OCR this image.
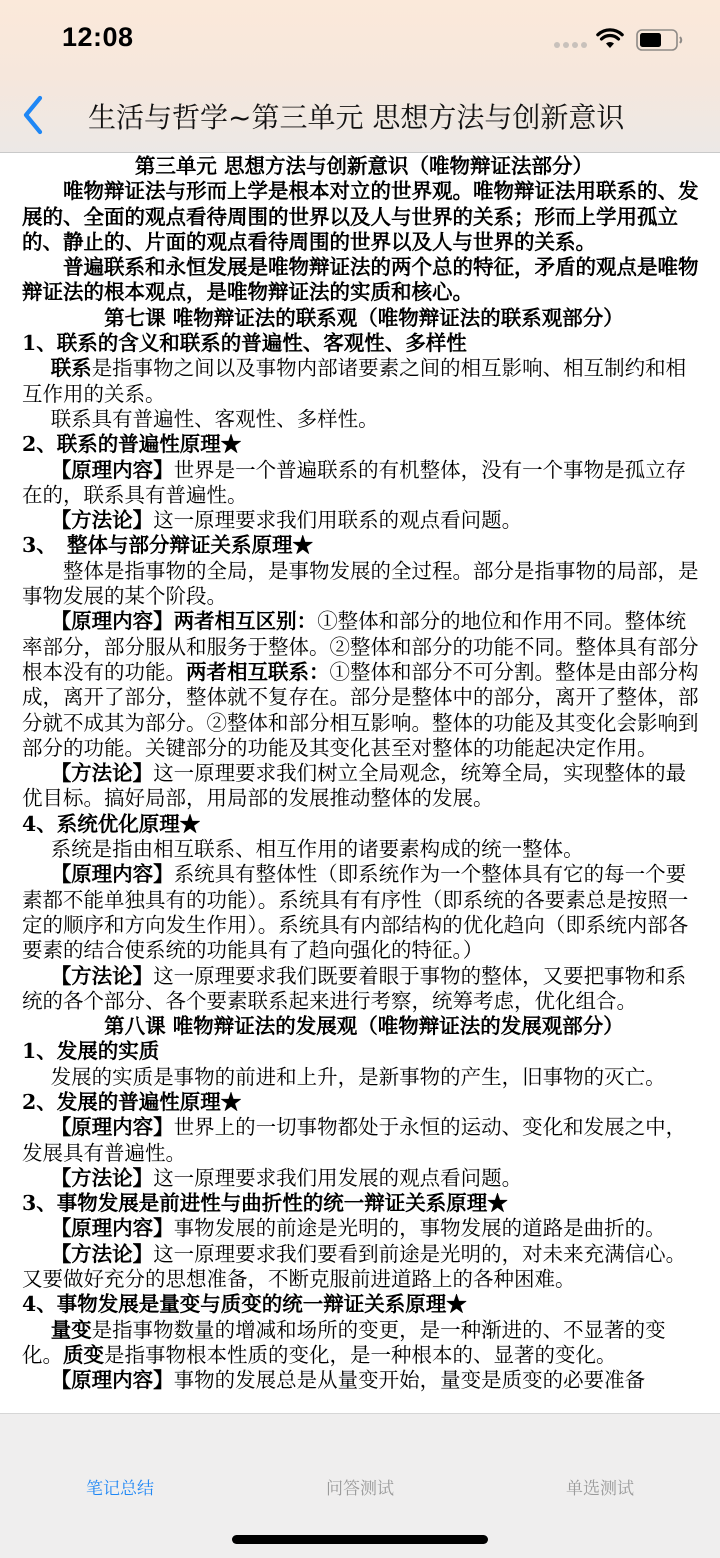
12:08
生活与哲学~第三单元 思想方法与创新意识

第三单元 思想方法与创新意识（唯物辩证法部分）

唯物辩证法与形而上学是根本对立的世界观。唯物辩证法用联系的、发展的、全面的观点看待周围的世界以及人与世界的关系；形而上学用孤立的、静止的、片面的观点看待周围的世界以及人与世界的关系。

普遍联系和永恒发展是唯物辩证法的两个总的特征，矛盾的观点是唯物辩证法的根本观点，是唯物辩证法的实质和核心。

第七课 唯物辩证法的联系观（唯物辩证法的联系观部分）

1、联系的含义和联系的普遍性、客观性、多样性

联系是指事物之间以及事物内部诸要素之间的相互影响、相互制约和相互作用的关系。

联系具有普遍性、客观性、多样性。

2、联系的普遍性原理★

【原理内容】世界是一个普遍联系的有机整体，没有一个事物是孤立存在的，联系具有普遍性。

【方法论】这一原理要求我们用联系的观点看问题。

3、　整体与部分辩证关系原理★

整体是指事物的全局，是事物发展的全过程。部分是指事物的局部，是事物发展的某个阶段。

【原理内容】两者相互区别：①整体和部分的地位和作用不同。整体统率部分，部分服从和服务于整体。②整体和部分的功能不同。整体具有部分根本没有的功能。两者相互联系：①整体和部分不可分割。整体是由部分构成，离开了部分，整体就不复存在。部分是整体中的部分，离开了整体，部分就不成其为部分。②整体和部分相互影响。整体的功能及其变化会影响到部分的功能。关键部分的功能及其变化甚至对整体的功能起决定作用。

【方法论】这一原理要求我们树立全局观念，统筹全局，实现整体的最优目标。搞好局部，用局部的发展推动整体的发展。

4、系统优化原理★

系统是指由相互联系、相互作用的诸要素构成的统一整体。

【原理内容】系统具有整体性（即系统作为一个整体具有它的每一个要素都不能单独具有的功能）。系统具有有序性（即系统的各要素总是按照一定的顺序和方向发生作用）。系统具有内部结构的优化趋向（即系统内部各要素的结合使系统的功能具有了趋向强化的特征。）

【方法论】这一原理要求我们既要着眼于事物的整体，又要把事物和系统的各个部分、各个要素联系起来进行考察，统筹考虑，优化组合。

第八课 唯物辩证法的发展观（唯物辩证法的发展观部分）

1、发展的实质

发展的实质是事物的前进和上升，是新事物的产生，旧事物的灭亡。

2、发展的普遍性原理★

【原理内容】世界上的一切事物都处于永恒的运动、变化和发展之中，发展具有普遍性。

【方法论】这一原理要求我们用发展的观点看问题。

3、事物发展是前进性与曲折性的统一辩证关系原理★

【原理内容】事物发展的前途是光明的，事物发展的道路是曲折的。

【方法论】这一原理要求我们要看到前途是光明的，对未来充满信心。又要做好充分的思想准备，不断克服前进道路上的各种困难。

4、事物发展是量变与质变的统一辩证关系原理★

量变是指事物数量的增减和场所的变更，是一种渐进的、不显著的变化。质变是指事物根本性质的变化，是一种根本的、显著的变化。

【原理内容】事物的发展总是从量变开始，量变是质变的必要准备

笔记总结	问答测试	单选测试
